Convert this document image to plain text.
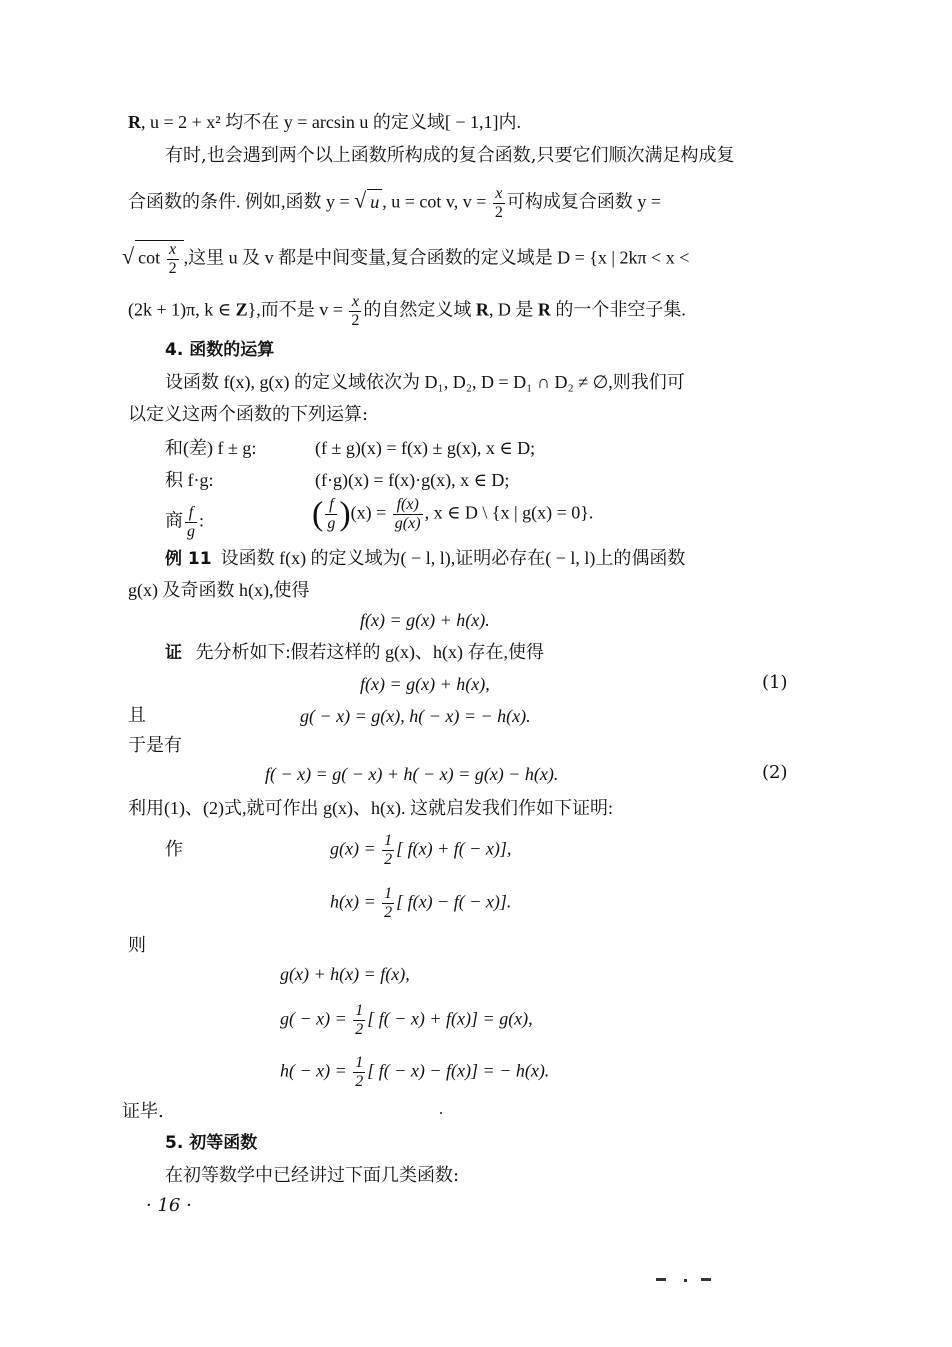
R, u = 2 + x² 均不在 y = arcsin u 的定义域[ − 1,1]内.
有时,也会遇到两个以上函数所构成的复合函数,只要它们顺次满足构成复
合函数的条件. 例如,函数 y = √ u , u = cot v, $v = \frac{x}{2}$ 可构成复合函数 y =
√ $\cot \frac{x}{2}$ ,这里 u 及 v 都是中间变量,复合函数的定义域是 D = {x | 2kπ < x <
(2k + 1)π, k ∈ Z},而不是 $v = \frac{x}{2}$ 的自然定义域 R, D 是 R 的一个非空子集.
4. 函数的运算
设函数 f(x), g(x) 的定义域依次为 D₁, D₂, D = D₁ ∩ D₂ ≠ ∅,则我们可
以定义这两个函数的下列运算:
和(差) f ± g:	(f ± g)(x) = f(x) ± g(x), x ∈ D;
积 f·g:	(f·g)(x) = f(x)·g(x), x ∈ D;
商 $\frac{f}{g}$ :	( $\frac{f}{g} )(x) = \frac{f(x)}{g(x)}$ , x ∈ D \ {x | g(x) = 0}.
例 11 设函数 f(x) 的定义域为( − l, l),证明必存在( − l, l)上的偶函数
g(x) 及奇函数 h(x),使得
f(x) = g(x) + h(x).
证 先分析如下:假若这样的 g(x)、h(x) 存在,使得
f(x) = g(x) + h(x),	(1)
且	g( − x) = g(x), h( − x) = − h(x).
于是有
f( − x) = g( − x) + h( − x) = g(x) − h(x).	(2)
利用(1)、(2)式,就可作出 g(x)、h(x). 这就启发我们作如下证明:
作	$g(x) = \frac{1}{2}$ [ f(x) + f( − x)],
$h(x) = \frac{1}{2}$ [ f(x) − f( − x)].
则
g(x) + h(x) = f(x),
$g( - x) = \frac{1}{2}$ [ f( − x) + f(x)] = g(x),
$h( - x) = \frac{1}{2}$ [ f( − x) − f(x)] = − h(x).
证毕.
5. 初等函数
在初等数学中已经讲过下面几类函数:
· 16 ·
